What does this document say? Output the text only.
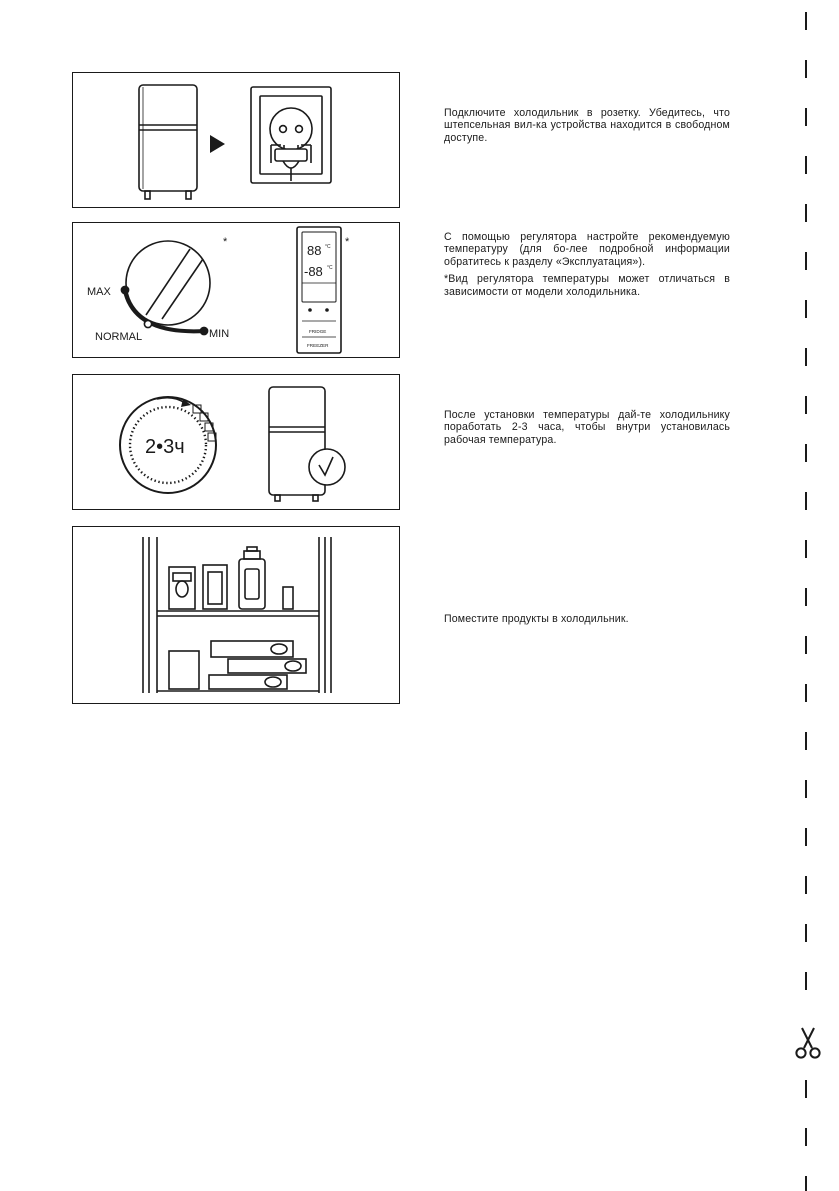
Подключите холодильник в розетку. Убедитесь, что штепсельная вил-ка устройства находится в свободном доступе.

MAX
NORMAL	MIN
*
88
-88
°C
°C
FRIDGE
FREEZER
*	С помощью регулятора настройте рекомендуемую температуру (для бо-лее подробной информации обратитесь к разделу «Эксплуатация»).

*Вид регулятора температуры может отличаться в зависимости от модели холодильника.

2•3ч

После установки температуры дай-те холодильнику поработать 2-3 часа, чтобы внутри установилась рабочая температура.

Поместите продукты в холодильник.
